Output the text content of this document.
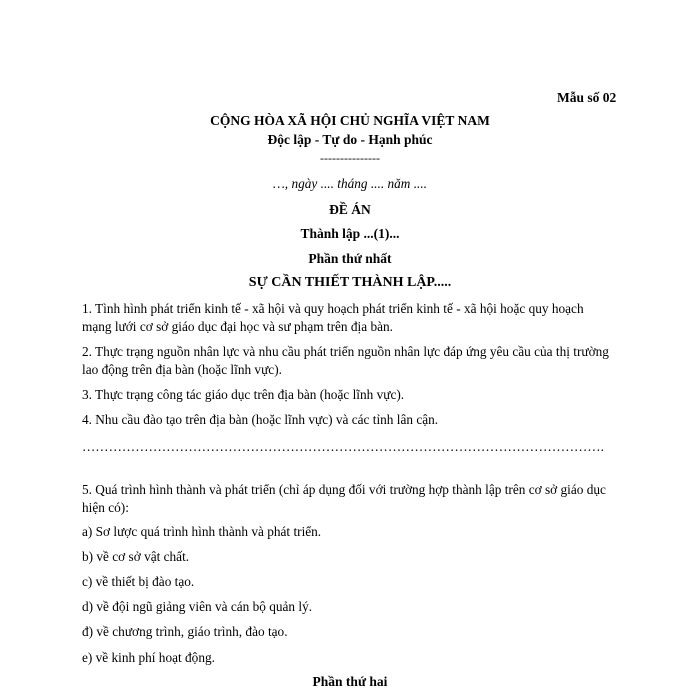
Mẫu số 02
CỘNG HÒA XÃ HỘI CHỦ NGHĨA VIỆT NAM
Độc lập - Tự do - Hạnh phúc
---------------
…, ngày .... tháng .... năm ....
ĐỀ ÁN
Thành lập ...(1)...
Phần thứ nhất
SỰ CẦN THIẾT THÀNH LẬP.....
1. Tình hình phát triển kinh tế - xã hội và quy hoạch phát triển kinh tế - xã hội hoặc quy hoạch mạng lưới cơ sở giáo dục đại học và sư phạm trên địa bàn.
2. Thực trạng nguồn nhân lực và nhu cầu phát triển nguồn nhân lực đáp ứng yêu cầu của thị trường lao động trên địa bàn (hoặc lĩnh vực).
3. Thực trạng công tác giáo dục trên địa bàn (hoặc lĩnh vực).
4. Nhu cầu đào tạo trên địa bàn (hoặc lĩnh vực) và các tỉnh lân cận.
……………………………………………………………………………………………………….
5. Quá trình hình thành và phát triển (chỉ áp dụng đối với trường hợp thành lập trên cơ sở giáo dục hiện có):
a) Sơ lược quá trình hình thành và phát triển.
b) về cơ sở vật chất.
c) về thiết bị đào tạo.
d) về đội ngũ giảng viên và cán bộ quản lý.
đ) về chương trình, giáo trình, đào tạo.
e) về kinh phí hoạt động.
Phần thứ hai
